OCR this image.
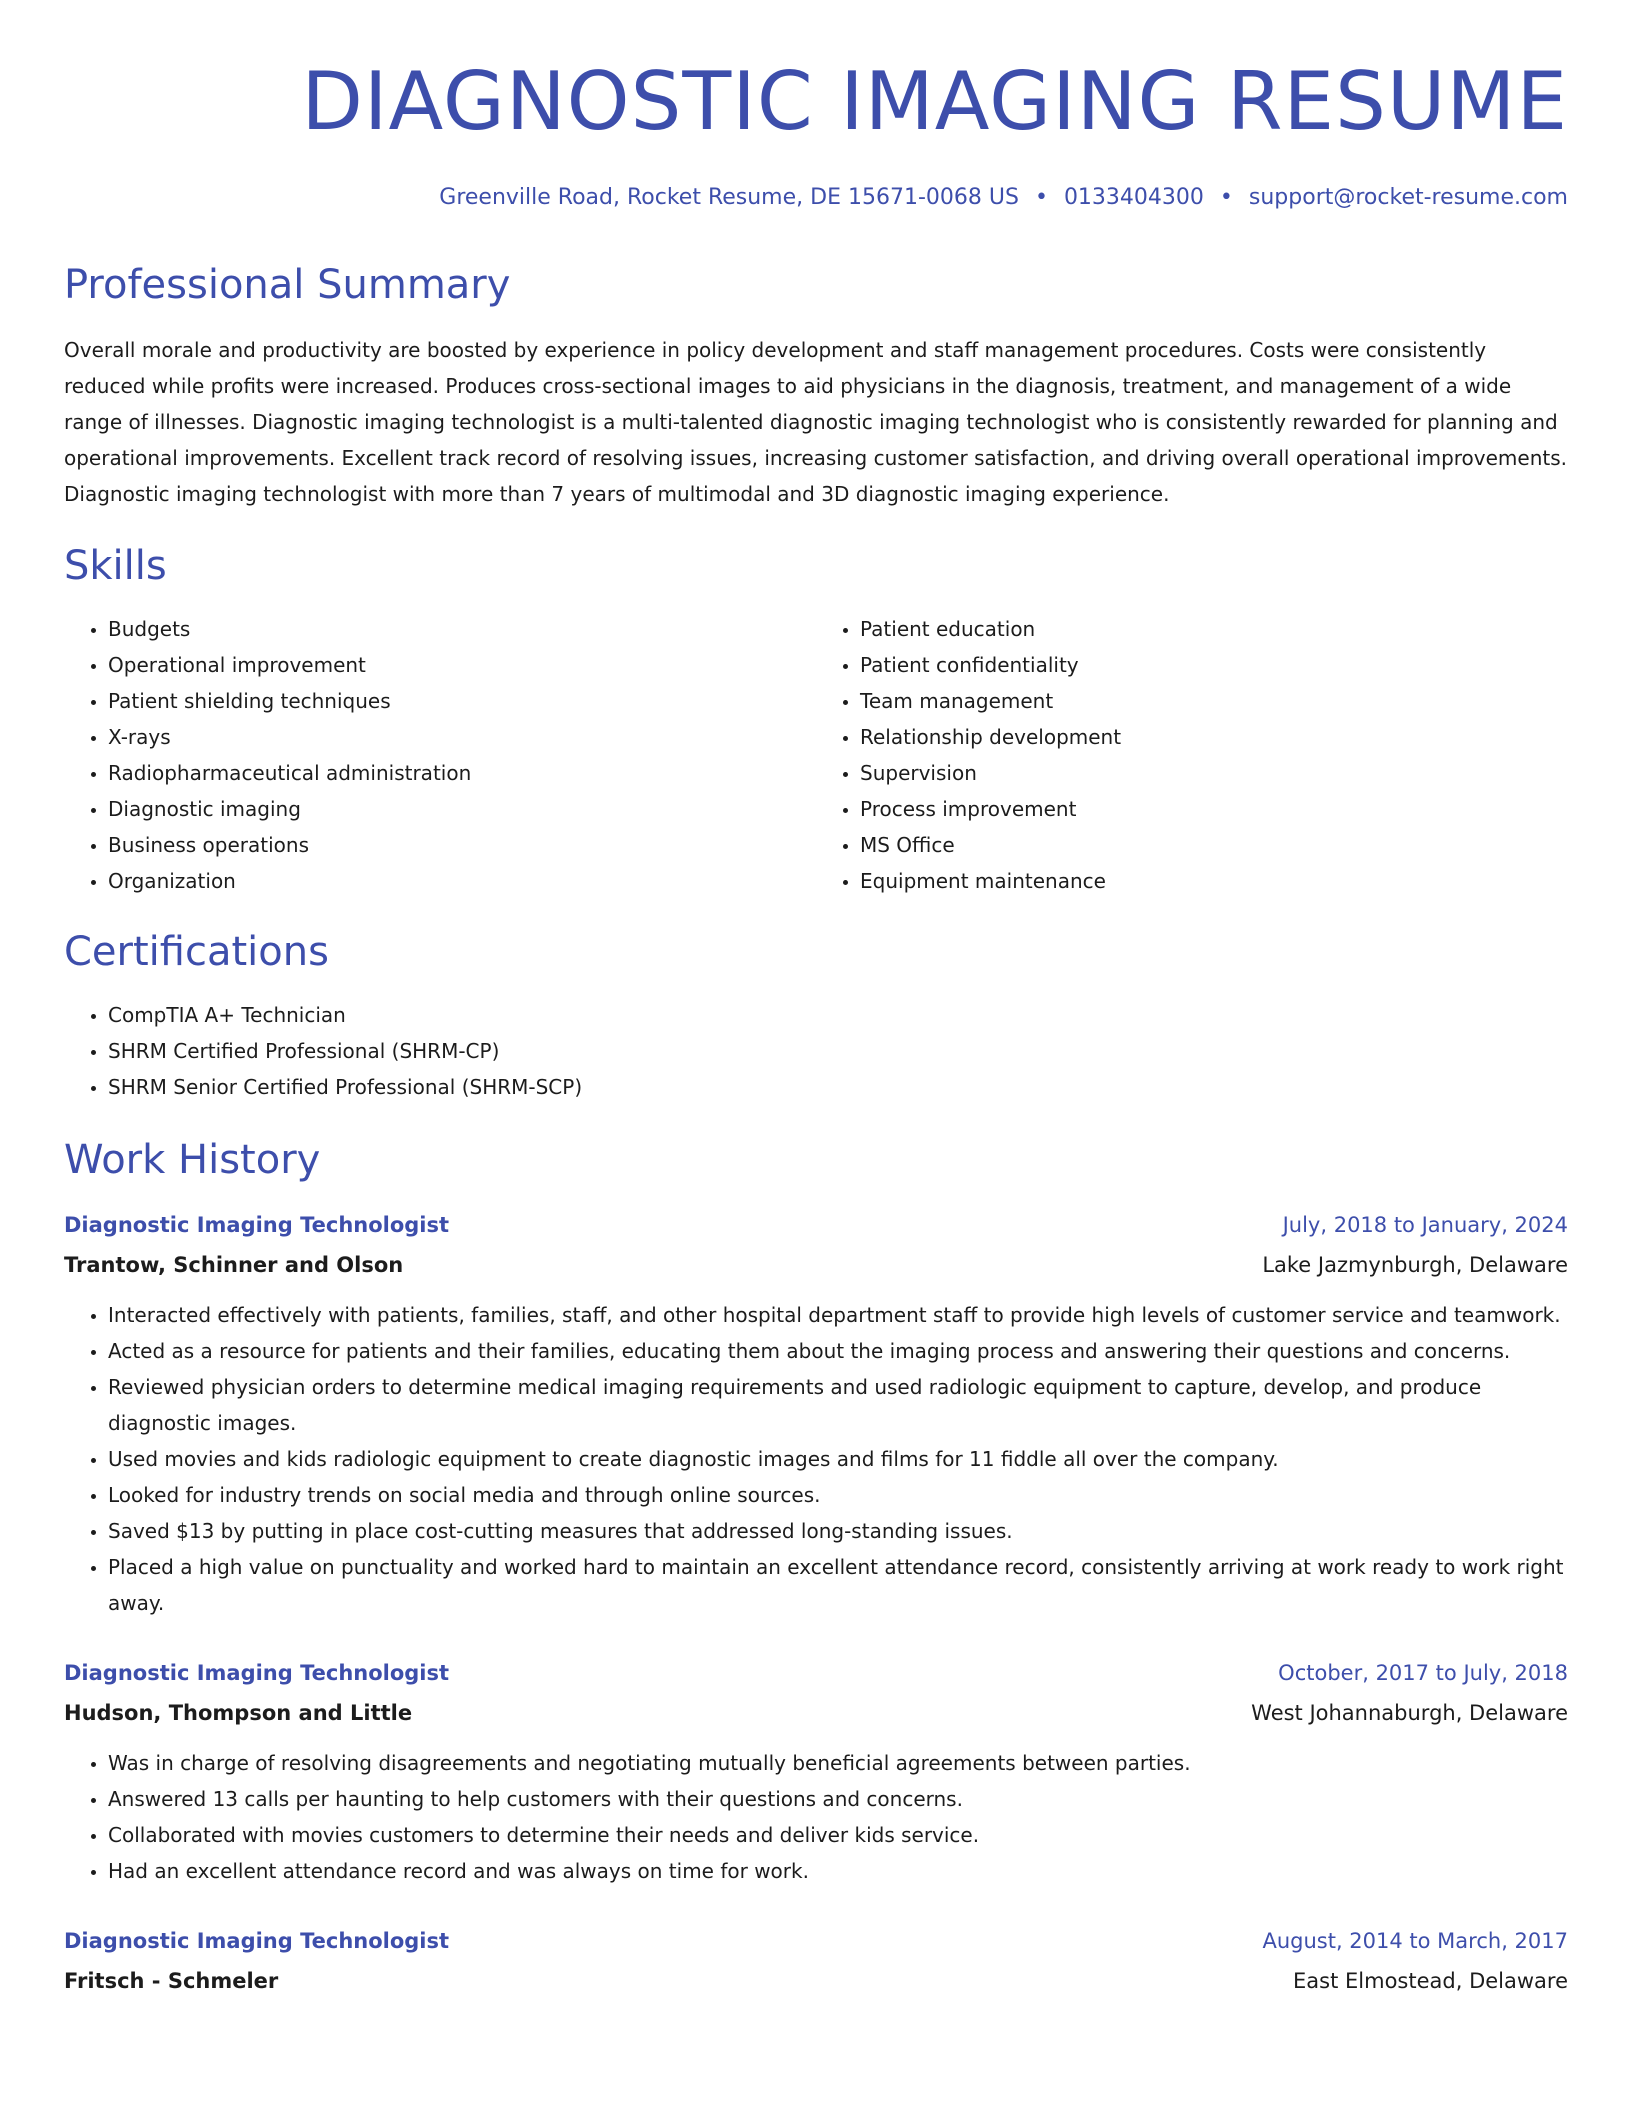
DIAGNOSTIC IMAGING RESUME
Greenville Road, Rocket Resume, DE 15671-0068 US • 0133404300 • support@rocket-resume.com
Professional Summary

Overall morale and productivity are boosted by experience in policy development and staff management procedures. Costs were consistently reduced while profits were increased. Produces cross-sectional images to aid physicians in the diagnosis, treatment, and management of a wide range of illnesses. Diagnostic imaging technologist is a multi-talented diagnostic imaging technologist who is consistently rewarded for planning and operational improvements. Excellent track record of resolving issues, increasing customer satisfaction, and driving overall operational improvements. Diagnostic imaging technologist with more than 7 years of multimodal and 3D diagnostic imaging experience.

Skills
• Budgets
• Operational improvement
• Patient shielding techniques
• X-rays
• Radiopharmaceutical administration
• Diagnostic imaging
• Business operations
• Organization
• Patient education
• Patient confidentiality
• Team management
• Relationship development
• Supervision
• Process improvement
• MS Office
• Equipment maintenance
Certifications
• CompTIA A+ Technician
• SHRM Certified Professional (SHRM-CP)
• SHRM Senior Certified Professional (SHRM-SCP)
Work History
Diagnostic Imaging Technologist	July, 2018 to January, 2024
Trantow, Schinner and Olson	Lake Jazmynburgh, Delaware
• Interacted effectively with patients, families, staff, and other hospital department staff to provide high levels of customer service and teamwork.
• Acted as a resource for patients and their families, educating them about the imaging process and answering their questions and concerns.
• Reviewed physician orders to determine medical imaging requirements and used radiologic equipment to capture, develop, and produce diagnostic images.
• Used movies and kids radiologic equipment to create diagnostic images and films for 11 fiddle all over the company.
• Looked for industry trends on social media and through online sources.
• Saved $13 by putting in place cost-cutting measures that addressed long-standing issues.
• Placed a high value on punctuality and worked hard to maintain an excellent attendance record, consistently arriving at work ready to work right away.
Diagnostic Imaging Technologist	October, 2017 to July, 2018
Hudson, Thompson and Little	West Johannaburgh, Delaware
• Was in charge of resolving disagreements and negotiating mutually beneficial agreements between parties.
• Answered 13 calls per haunting to help customers with their questions and concerns.
• Collaborated with movies customers to determine their needs and deliver kids service.
• Had an excellent attendance record and was always on time for work.
Diagnostic Imaging Technologist	August, 2014 to March, 2017
Fritsch - Schmeler	East Elmostead, Delaware
